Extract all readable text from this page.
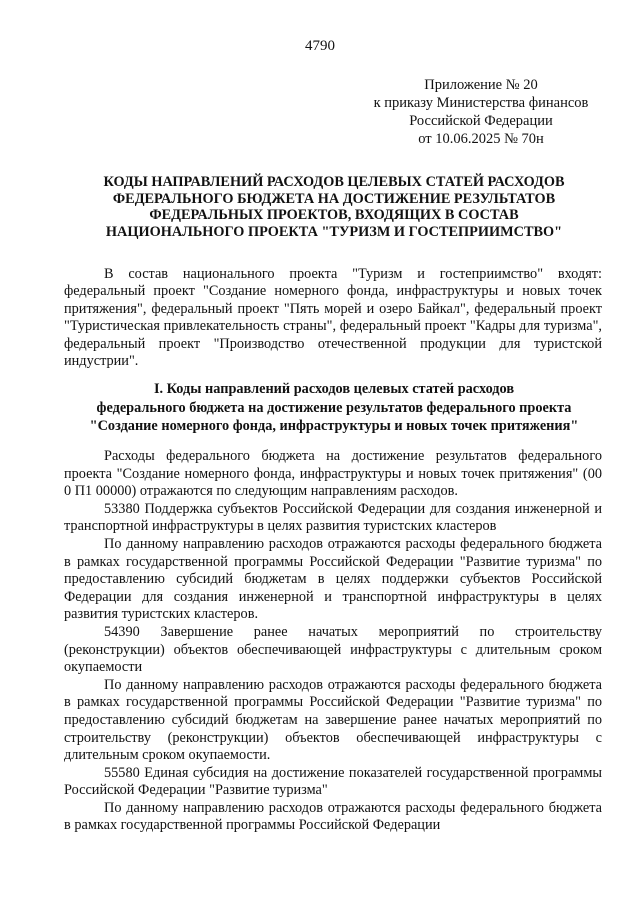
4790
Приложение № 20
к приказу Министерства финансов
Российской Федерации
от 10.06.2025 № 70н
КОДЫ НАПРАВЛЕНИЙ РАСХОДОВ ЦЕЛЕВЫХ СТАТЕЙ РАСХОДОВ
ФЕДЕРАЛЬНОГО БЮДЖЕТА НА ДОСТИЖЕНИЕ РЕЗУЛЬТАТОВ
ФЕДЕРАЛЬНЫХ ПРОЕКТОВ, ВХОДЯЩИХ В СОСТАВ
НАЦИОНАЛЬНОГО ПРОЕКТА "ТУРИЗМ И ГОСТЕПРИИМСТВО"

В состав национального проекта "Туризм и гостеприимство" входят: федеральный проект "Создание номерного фонда, инфраструктуры и новых точек притяжения", федеральный проект "Пять морей и озеро Байкал", федеральный проект "Туристическая привлекательность страны", федеральный проект "Кадры для туризма", федеральный проект "Производство отечественной продукции для туристской индустрии".

I. Коды направлений расходов целевых статей расходов
федерального бюджета на достижение результатов федерального проекта
"Создание номерного фонда, инфраструктуры и новых точек притяжения"

Расходы федерального бюджета на достижение результатов федерального проекта "Создание номерного фонда, инфраструктуры и новых точек притяжения" (00 0 П1 00000) отражаются по следующим направлениям расходов.

53380 Поддержка субъектов Российской Федерации для создания инженерной и транспортной инфраструктуры в целях развития туристских кластеров

По данному направлению расходов отражаются расходы федерального бюджета в рамках государственной программы Российской Федерации "Развитие туризма" по предоставлению субсидий бюджетам в целях поддержки субъектов Российской Федерации для создания инженерной и транспортной инфраструктуры в целях развития туристских кластеров.

54390 Завершение ранее начатых мероприятий по строительству (реконструкции) объектов обеспечивающей инфраструктуры с длительным сроком окупаемости

По данному направлению расходов отражаются расходы федерального бюджета в рамках государственной программы Российской Федерации "Развитие туризма" по предоставлению субсидий бюджетам на завершение ранее начатых мероприятий по строительству (реконструкции) объектов обеспечивающей инфраструктуры с длительным сроком окупаемости.

55580 Единая субсидия на достижение показателей государственной программы Российской Федерации "Развитие туризма"

По данному направлению расходов отражаются расходы федерального бюджета в рамках государственной программы Российской Федерации
